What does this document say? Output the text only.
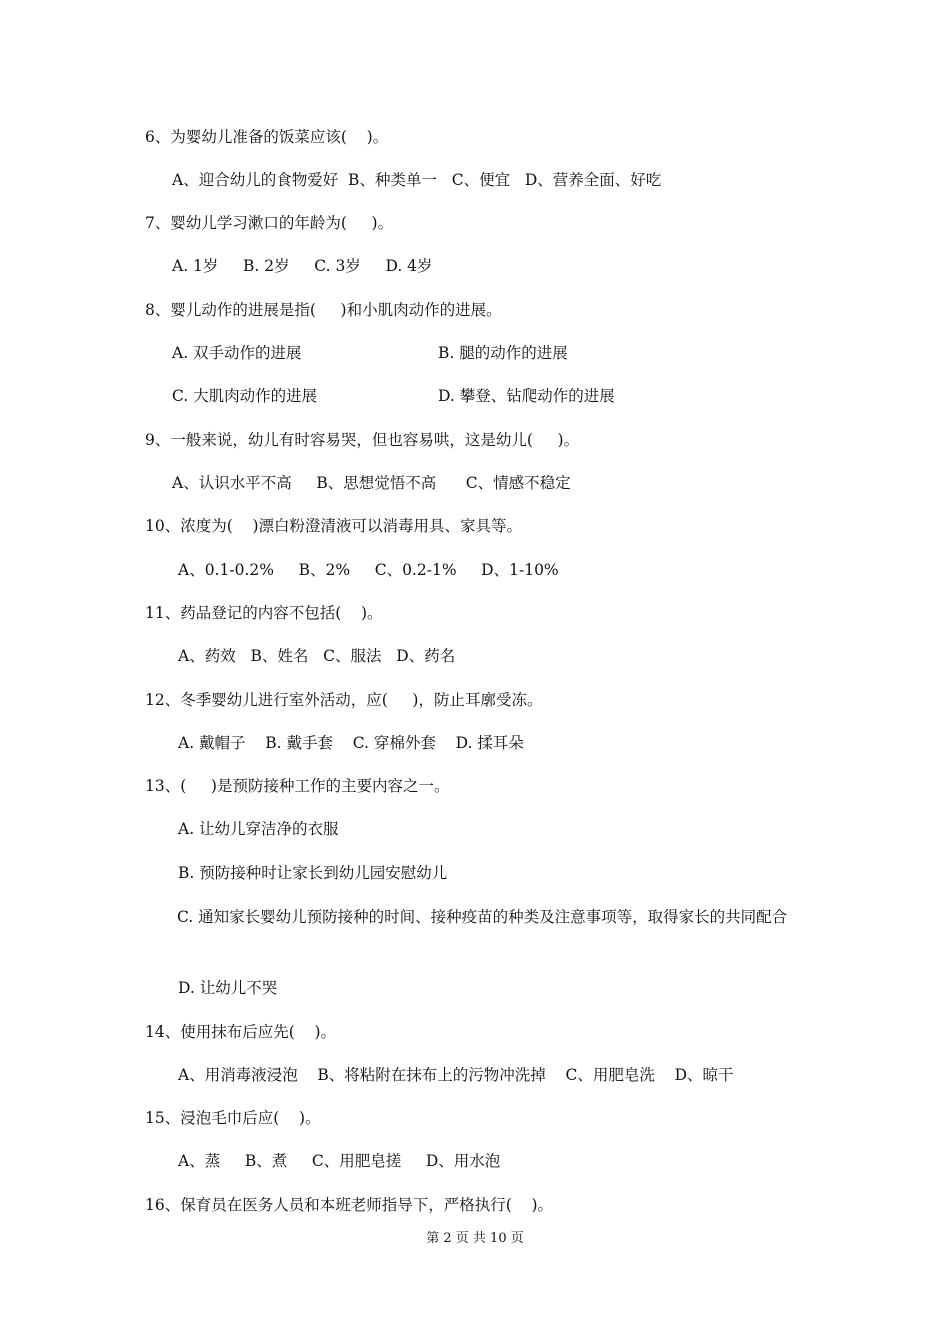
6、为婴幼儿准备的饭菜应该(    )。
A、迎合幼儿的食物爱好  B、种类单一   C、便宜   D、营养全面、好吃
7、婴幼儿学习漱口的年龄为(     )。
A. 1岁     B. 2岁     C. 3岁     D. 4岁
8、婴儿动作的进展是指(     )和小肌肉动作的进展。
A. 双手动作的进展	B. 腿的动作的进展
C. 大肌肉动作的进展	D. 攀登、钻爬动作的进展
9、一般来说，幼儿有时容易哭，但也容易哄，这是幼儿(     )。
A、认识水平不高     B、思想觉悟不高      C、情感不稳定
10、浓度为(    )漂白粉澄清液可以消毒用具、家具等。
A、0.1-0.2%     B、2%     C、0.2-1%     D、1-10%
11、药品登记的内容不包括(    )。
A、药效   B、姓名   C、服法   D、药名
12、冬季婴幼儿进行室外活动，应(     )，防止耳廓受冻。
A. 戴帽子    B. 戴手套    C. 穿棉外套    D. 揉耳朵
13、(     )是预防接种工作的主要内容之一。
A. 让幼儿穿洁净的衣服
B. 预防接种时让家长到幼儿园安慰幼儿
C. 通知家长婴幼儿预防接种的时间、接种疫苗的种类及注意事项等，取得家长的共同配合
D. 让幼儿不哭
14、使用抹布后应先(    )。
A、用消毒液浸泡    B、将粘附在抹布上的污物冲洗掉    C、用肥皂洗    D、晾干
15、浸泡毛巾后应(    )。
A、蒸     B、煮     C、用肥皂搓     D、用水泡
16、保育员在医务人员和本班老师指导下，严格执行(    )。
第 2 页 共 10 页
